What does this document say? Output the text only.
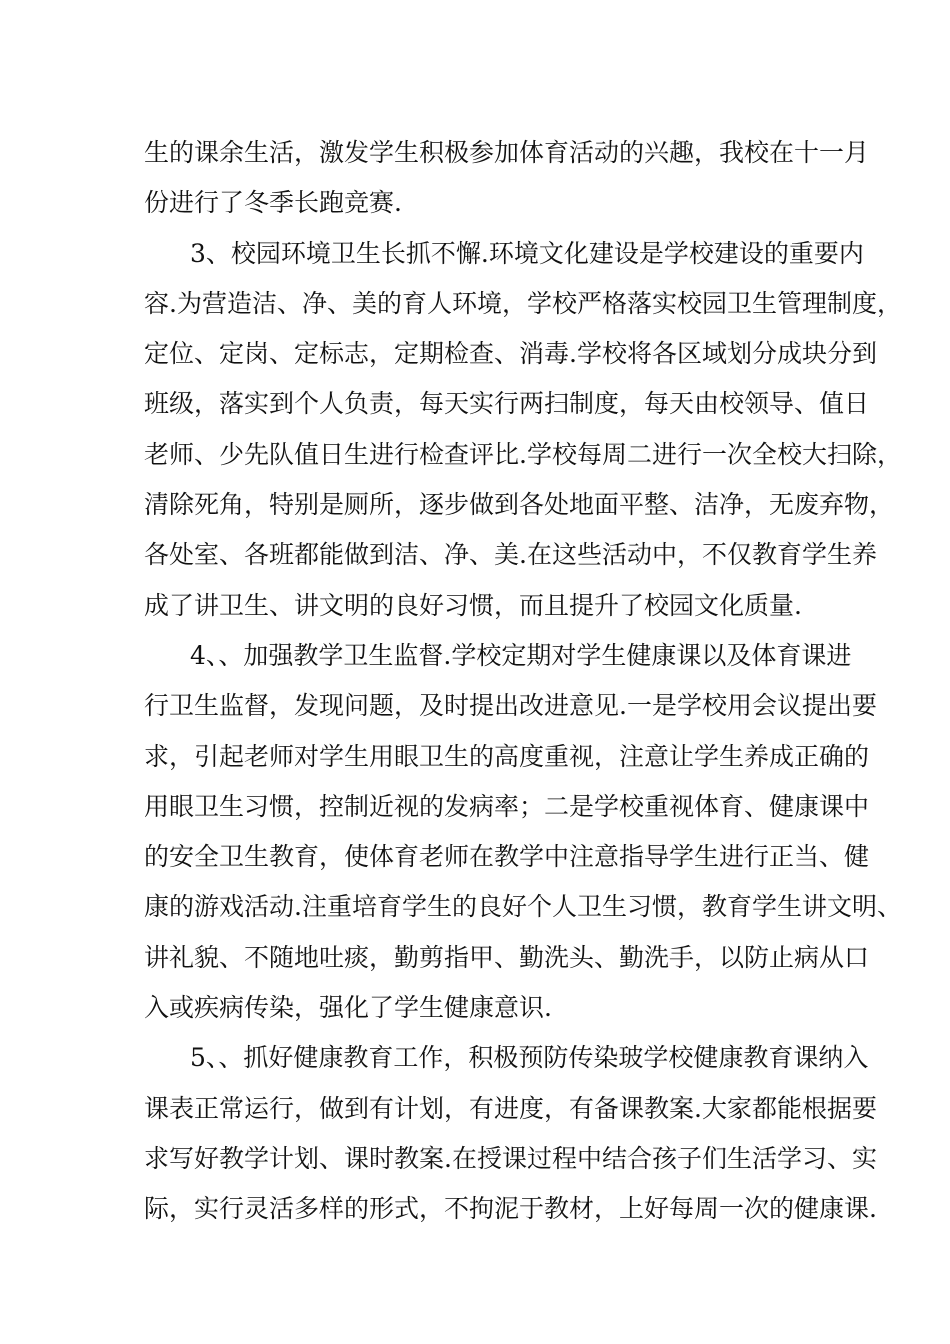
生的课余生活，激发学生积极参加体育活动的兴趣，我校在十一月
份进行了冬季长跑竞赛.
3、校园环境卫生长抓不懈.环境文化建设是学校建设的重要内
容.为营造洁、净、美的育人环境，学校严格落实校园卫生管理制度，
定位、定岗、定标志，定期检查、消毒.学校将各区域划分成块分到
班级，落实到个人负责，每天实行两扫制度，每天由校领导、值日
老师、少先队值日生进行检查评比.学校每周二进行一次全校大扫除，
清除死角，特别是厕所，逐步做到各处地面平整、洁净，无废弃物，
各处室、各班都能做到洁、净、美.在这些活动中，不仅教育学生养
成了讲卫生、讲文明的良好习惯，而且提升了校园文化质量.
4、、加强教学卫生监督.学校定期对学生健康课以及体育课进
行卫生监督，发现问题，及时提出改进意见.一是学校用会议提出要
求，引起老师对学生用眼卫生的高度重视，注意让学生养成正确的
用眼卫生习惯，控制近视的发病率；二是学校重视体育、健康课中
的安全卫生教育，使体育老师在教学中注意指导学生进行正当、健
康的游戏活动.注重培育学生的良好个人卫生习惯，教育学生讲文明、
讲礼貌、不随地吐痰，勤剪指甲、勤洗头、勤洗手，以防止病从口
入或疾病传染，强化了学生健康意识.
5、、抓好健康教育工作，积极预防传染玻学校健康教育课纳入
课表正常运行，做到有计划，有进度，有备课教案.大家都能根据要
求写好教学计划、课时教案.在授课过程中结合孩子们生活学习、实
际，实行灵活多样的形式，不拘泥于教材，上好每周一次的健康课.
